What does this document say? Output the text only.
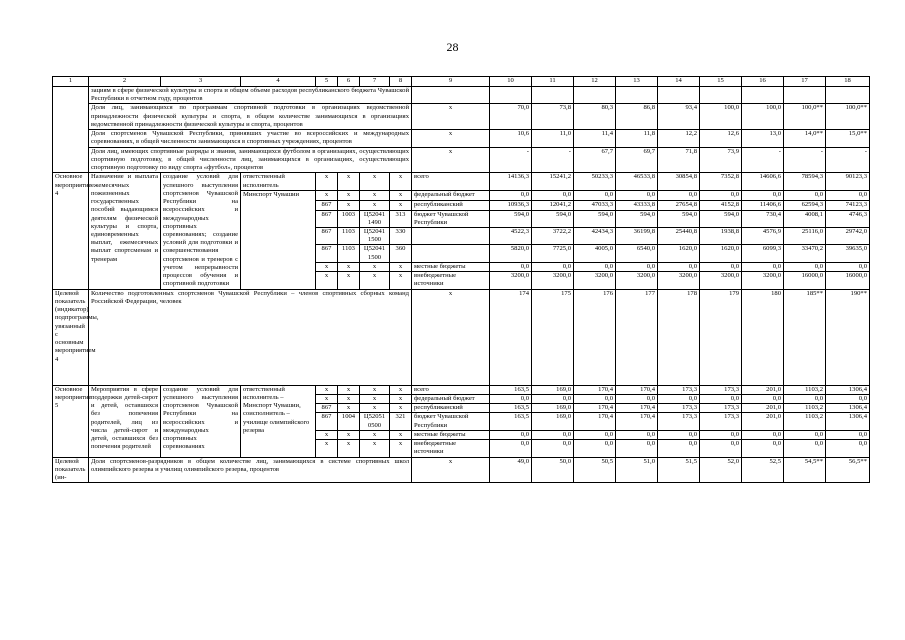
28
1	2	3	4	5	6	7	8	9	10	11	12	13	14	15	16	17	18
	зациям в сфере физической культуры и спорта и общем объеме расходов республиканского бюджета Чувашской Республики в отчетном году, процентов																
	Доля лиц, занимающихся по программам спортивной подготовки в организациях ведомственной принадлежности физической культуры и спорта, в общем количестве занимающихся в организациях ведомственной принадлежности физической культуры и спорта, процентов							x	70,0	73,8	80,3	86,8	93,4	100,0	100,0	100,0**	100,0**
	Доля спортсменов Чувашской Республики, принявших участие во всероссийских и международных соревнованиях, в общей численности занимающихся в спортивных учреждениях, процентов							x	10,6	11,0	11,4	11,8	12,2	12,6	13,0	14,0**	15,0**
	Доля лиц, имеющих спортивные разряды и звания, занимающихся футболом в организациях, осуществляющих спортивную подготовку, в общей численности лиц, занимающихся в организациях, осуществляющих спортивную подготовку по виду спорта «футбол», процентов							x	-	-	67,7	69,7	71,8	73,9	-	-	-
Основное мероприятие 4	Назначение и выплата ежемесячных пожизненных государственных пособий выдающимся деятелям физической культуры и спорта, единовременных выплат, ежемесячных выплат спортсменам и тренерам	создание условий для успешного выступления спортсменов Чувашской Республики на всероссийских и международных спортивных соревнованиях; создание условий для подготовки и совершенствования спортсменов и тренеров с учетом непрерывности процессов обучения и спортивной подготовки	ответственный исполнитель	x	x	x	x	всего	14136,3	15241,2	50233,3	46533,8	30854,8	7352,8	14606,6	78594,3	90123,3
			Минспорт Чувашии	x	x	x	x	федеральный бюджет	0,0	0,0	0,0	0,0	0,0	0,0	0,0	0,0	0,0
				867	x	x	x	республиканский	10936,3	12041,2	47033,3	43333,8	27654,8	4152,8	11406,6	62594,3	74123,3
				867	1003	Ц52041 1490	313	бюджет Чувашской Республики	594,0	594,0	594,0	594,0	594,0	594,0	730,4	4008,1	4746,3
				867	1103	Ц52041 1500	330		4522,3	3722,2	42434,3	36199,8	25440,8	1938,8	4576,9	25116,0	29742,0
				867	1103	Ц52041 1500	360		5820,0	7725,0	4005,0	6540,0	1620,0	1620,0	6099,3	33470,2	39635,0
				x	x	x	x	местные бюджеты	0,0	0,0	0,0	0,0	0,0	0,0	0,0	0,0	0,0
				x	x	x	x	внебюджетные источники	3200,0	3200,0	3200,0	3200,0	3200,0	3200,0	3200,0	16000,0	16000,0
Целевой показатель (индикатор) подпрограммы, увязанный с основным мероприятием 4	Количество подготовленных спортсменов Чувашской Республики – членов спортивных сборных команд Российской Федерации, человек							x	174	175	176	177	178	179	180	185**	190**
Основное мероприятие 5	Мероприятия в сфере поддержки детей-сирот и детей, оставшихся без попечения родителей, лиц из числа детей-сирот и детей, оставшихся без попечения родителей	создание условий для успешного выступления спортсменов Чувашской Республики на всероссийских и международных спортивных соревнованиях	ответственный исполнитель – Минспорт Чувашии, соисполнитель – училище олимпийского резерва	x	x	x	x	всего	163,5	169,0	170,4	170,4	173,3	173,3	201,0	1103,2	1306,4
				x	x	x	x	федеральный бюджет	0,0	0,0	0,0	0,0	0,0	0,0	0,0	0,0	0,0
				867	x	x	x	республиканский	163,5	169,0	170,4	170,4	173,3	173,3	201,0	1103,2	1306,4
				867	1004	Ц52051 0500	321	бюджет Чувашской Республики	163,5	169,0	170,4	170,4	173,3	173,3	201,0	1103,2	1306,4
				x	x	x	x	местные бюджеты	0,0	0,0	0,0	0,0	0,0	0,0	0,0	0,0	0,0
				x	x	x	x	внебюджетные источники	0,0	0,0	0,0	0,0	0,0	0,0	0,0	0,0	0,0
Целевой показатель (ин-	Доля спортсменов-разрядников в общем количестве лиц, занимающихся в системе спортивных школ олимпийского резерва и училищ олимпийского резерва, процентов							x	49,0	50,0	50,5	51,0	51,5	52,0	52,5	54,5**	56,5**
